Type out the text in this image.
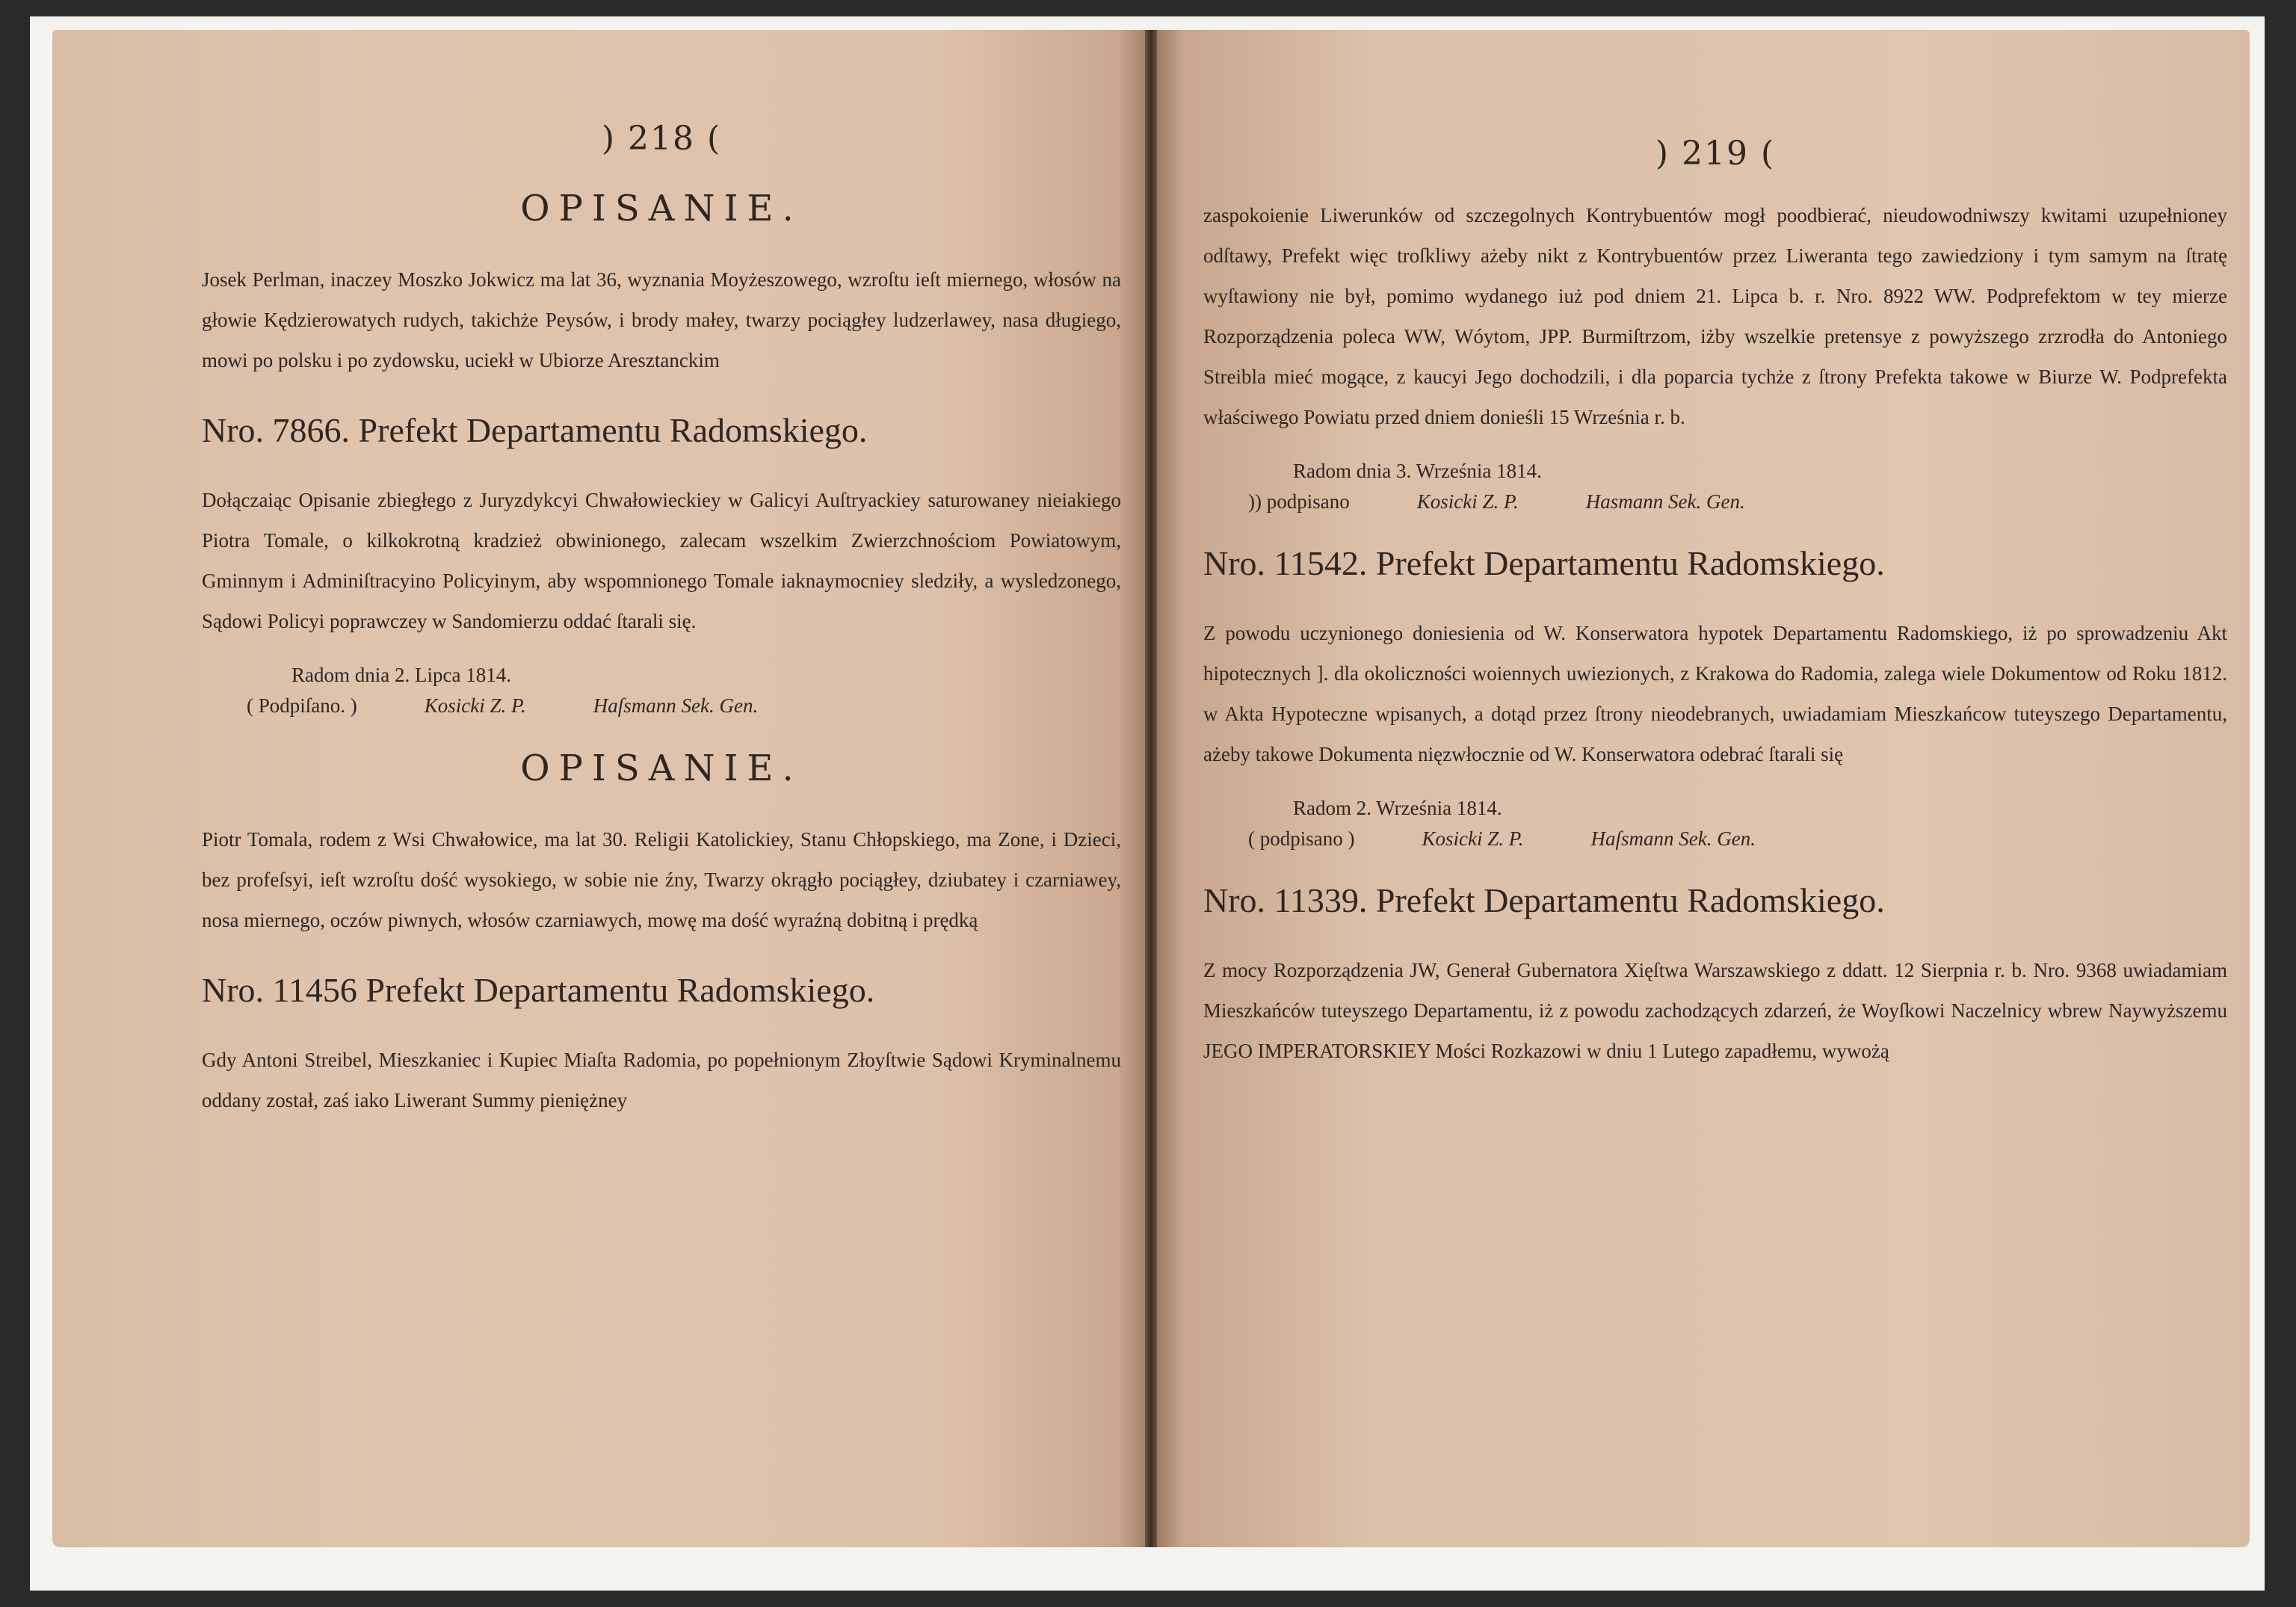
) 218 (
OPISANIE.

Josek Perlman, inaczey Moszko Jokwicz ma lat 36, wyznania Moyżeszowego, wzroſtu ieſt miernego, włosów na głowie Kędzierowatych rudych, takichże Peysów, i brody małey, twarzy pociągłey ludzerlawey, nasa długiego, mowi po polsku i po zydowsku, uciekł w Ubiorze Aresztanckim

Nro. 7866. Prefekt Departamentu Radomskiego.

Dołączaiąc Opisanie zbiegłego z Juryzdykcyi Chwałowieckiey w Galicyi Auſtryackiey saturowaney nieiakiego Piotra Tomale, o kilkokrotną kradzież obwinionego, zalecam wszelkim Zwierzchnościom Powiatowym, Gminnym i Adminiſtracyino Policyinym, aby wspomnionego Tomale iaknaymocniey sledziły, a wysledzonego, Sądowi Policyi poprawczey w Sandomierzu oddać ſtarali się.

Radom dnia 2. Lipca 1814.
( Podpiſano. )	Kosicki Z. P.	Haſsmann Sek. Gen.
OPISANIE.

Piotr Tomala, rodem z Wsi Chwałowice, ma lat 30. Religii Katolickiey, Stanu Chłopskiego, ma Zone, i Dzieci, bez profeſsyi, ieſt wzroſtu dość wysokiego, w sobie nie źny, Twarzy okrągło pociągłey, dziubatey i czarniawey, nosa miernego, oczów piwnych, włosów czarniawych, mowę ma dość wyraźną dobitną i prędką

Nro. 11456 Prefekt Departamentu Radomskiego.

Gdy Antoni Streibel, Mieszkaniec i Kupiec Miaſta Radomia, po popełnionym Złoyſtwie Sądowi Kryminalnemu oddany został, zaś iako Liwerant Summy pieniężney

) 219 (

zaspokoienie Liwerunków od szczegolnych Kontrybuentów mogł poodbierać, nieudowodniwszy kwitami uzupełnioney odſtawy, Prefekt więc troſkliwy ażeby nikt z Kontrybuentów przez Liweranta tego zawiedziony i tym samym na ſtratę wyſtawiony nie był, pomimo wydanego iuż pod dniem 21. Lipca b. r. Nro. 8922 WW. Podprefektom w tey mierze Rozporządzenia poleca WW, Wóytom, JPP. Burmiſtrzom, iżby wszelkie pretensye z powyższego zrzrodła do Antoniego Streibla mieć mogące, z kaucyi Jego dochodzili, i dla poparcia tychże z ſtrony Prefekta takowe w Biurze W. Podprefekta właściwego Powiatu przed dniem donieśli 15 Września r. b.

Radom dnia 3. Września 1814.
)) podpisano	Kosicki Z. P.	Hasmann Sek. Gen.
Nro. 11542. Prefekt Departamentu Radomskiego.

Z powodu uczynionego doniesienia od W. Konserwatora hypotek Departamentu Radomskiego, iż po sprowadzeniu Akt hipotecznych ]. dla okoliczności woiennych uwiezionych, z Krakowa do Radomia, zalega wiele Dokumentow od Roku 1812. w Akta Hypoteczne wpisanych, a dotąd przez ſtrony nieodebranych, uwiadamiam Mieszkańcow tuteyszego Departamentu, ażeby takowe Dokumenta nięzwłocznie od W. Konserwatora odebrać ſtarali się

Radom 2. Września 1814.
( podpisano )	Kosicki Z. P.	Haſsmann Sek. Gen.
Nro. 11339. Prefekt Departamentu Radomskiego.

Z mocy Rozporządzenia JW, Generał Gubernatora Xięſtwa Warszawskiego z ddatt. 12 Sierpnia r. b. Nro. 9368 uwiadamiam Mieszkańców tuteyszego Departamentu, iż z powodu zachodzących zdarzeń, że Woyſkowi Naczelnicy wbrew Naywyższemu JEGO IMPERATORSKIEY Mości Rozkazowi w dniu 1 Lutego zapadłemu, wywożą
